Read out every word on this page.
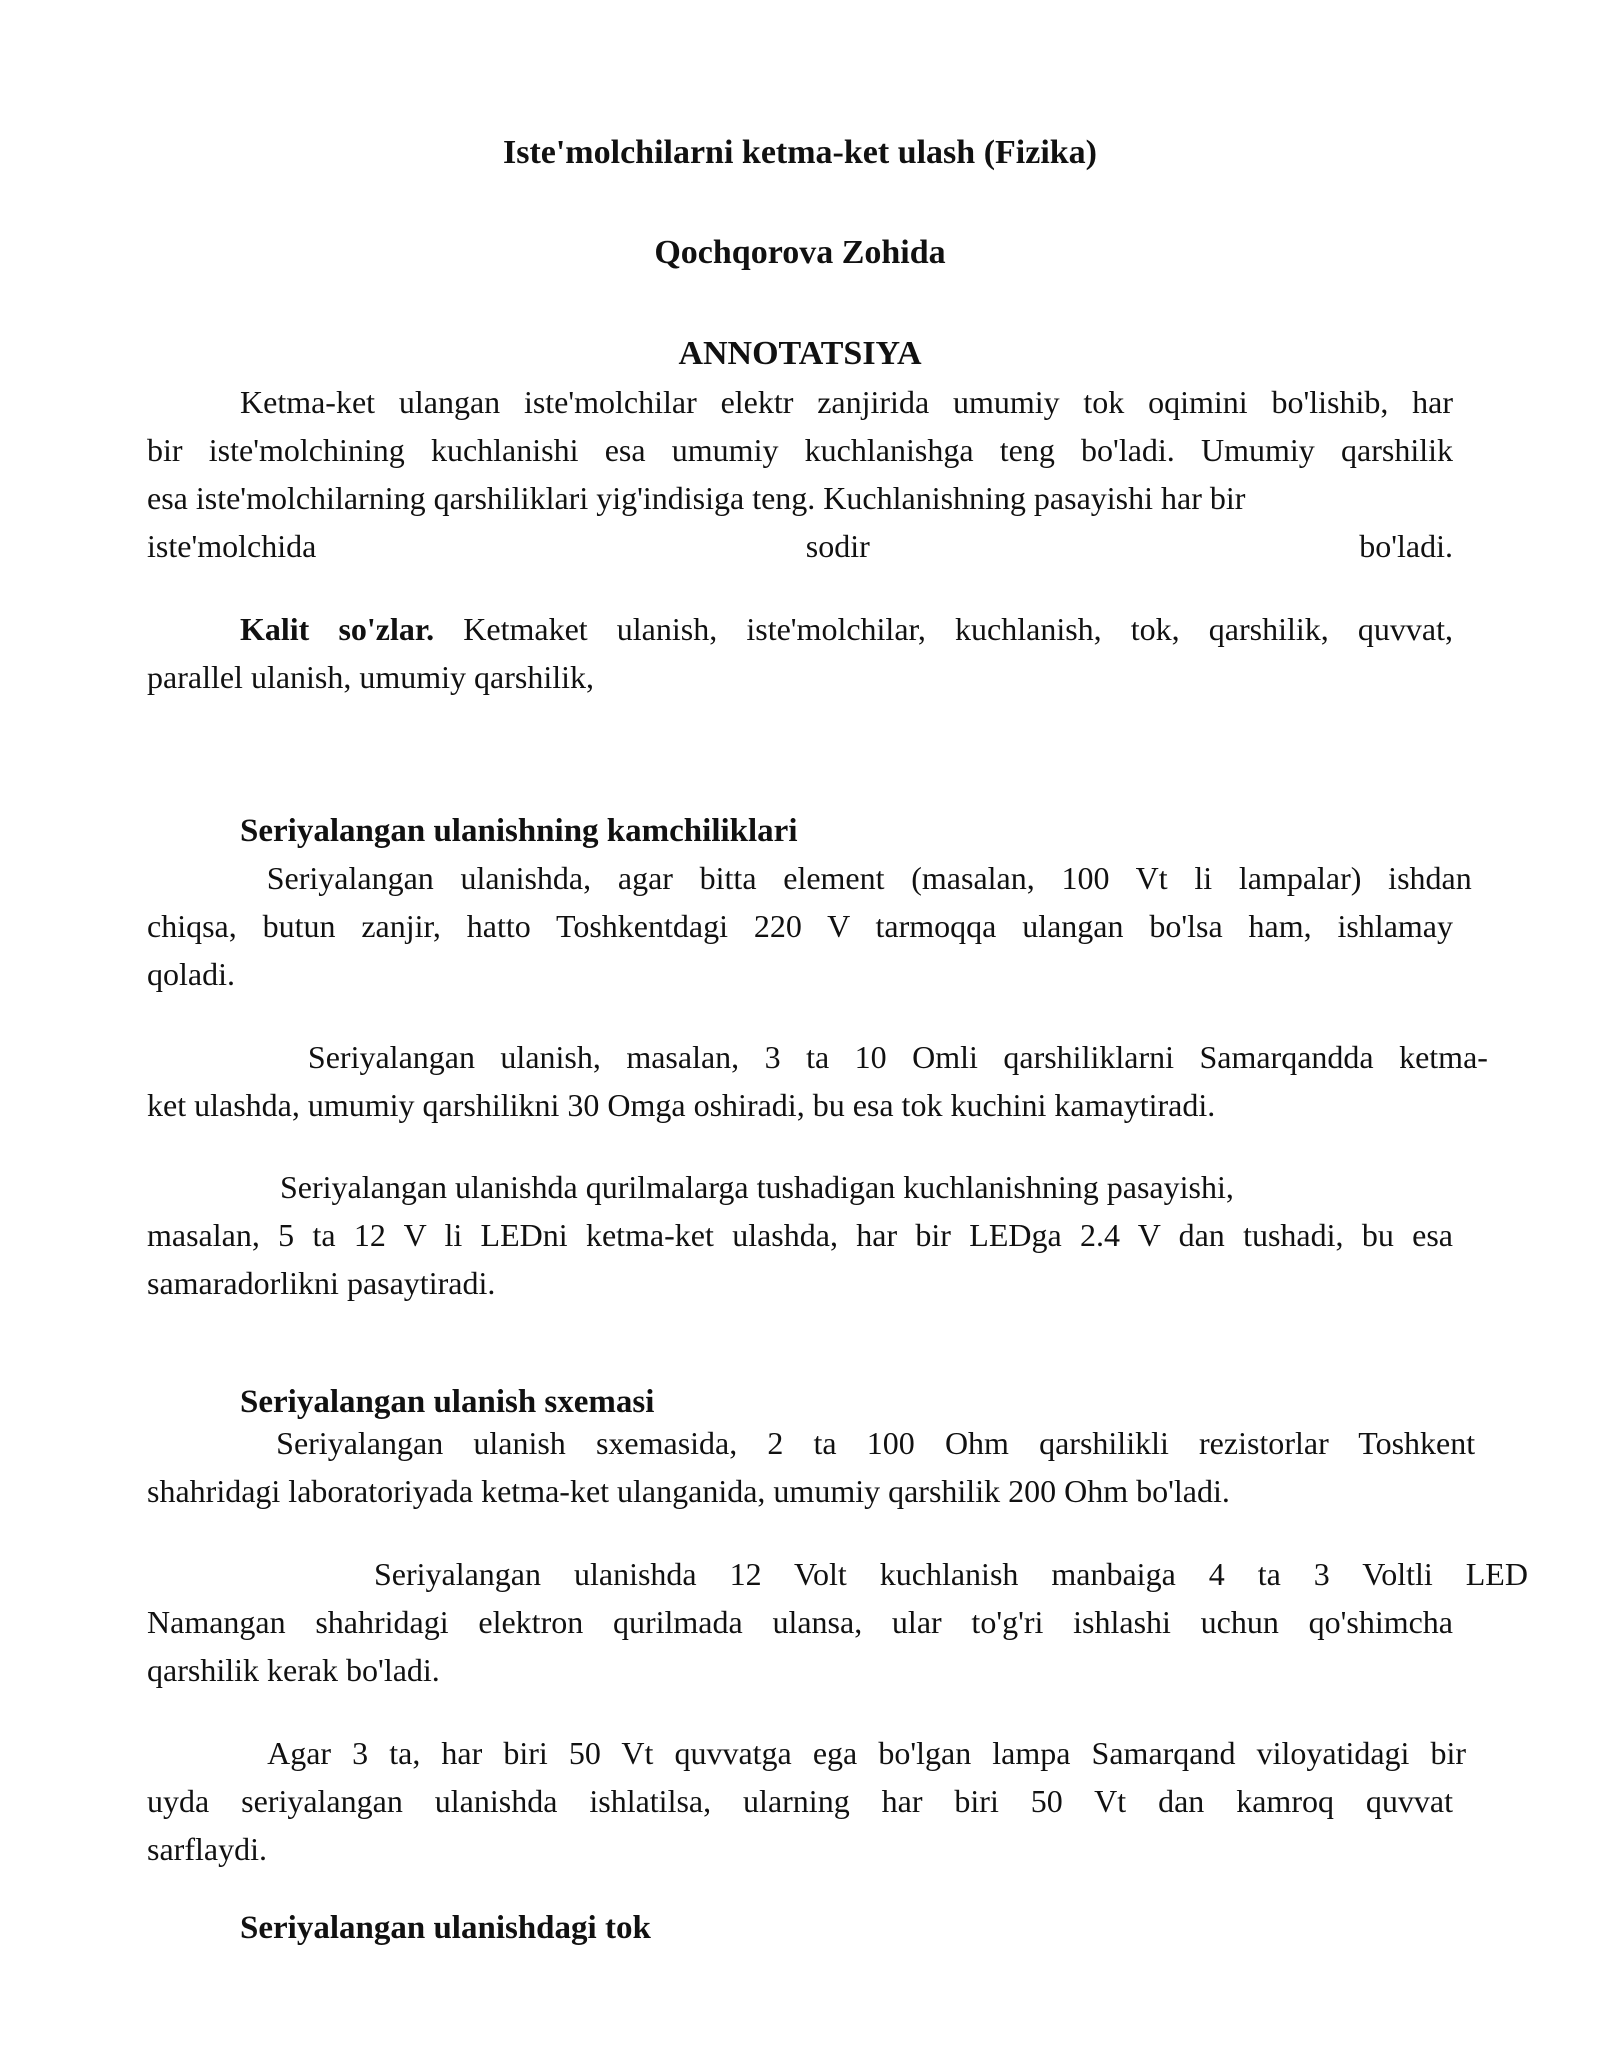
Iste'molchilarni ketma-ket ulash (Fizika)
Qochqorova Zohida
ANNOTATSIYA
Ketma-ket ulangan iste'molchilar elektr zanjirida umumiy tok oqimini bo'lishib, har
bir iste'molchining kuchlanishi esa umumiy kuchlanishga teng bo'ladi. Umumiy qarshilik
esa iste'molchilarning qarshiliklari yig'indisiga teng. Kuchlanishning pasayishi har bir
iste'molchida	sodir	bo'ladi.
Kalit so'zlar. Ketmaket ulanish, iste'molchilar, kuchlanish, tok, qarshilik, quvvat,
parallel ulanish, umumiy qarshilik,
Seriyalangan ulanishning kamchiliklari
Seriyalangan ulanishda, agar bitta element (masalan, 100 Vt li lampalar) ishdan
chiqsa, butun zanjir, hatto Toshkentdagi 220 V tarmoqqa ulangan bo'lsa ham, ishlamay
qoladi.
Seriyalangan ulanish, masalan, 3 ta 10 Omli qarshiliklarni Samarqandda ketma-
ket ulashda, umumiy qarshilikni 30 Omga oshiradi, bu esa tok kuchini kamaytiradi.
Seriyalangan ulanishda qurilmalarga tushadigan kuchlanishning pasayishi,
masalan, 5 ta 12 V li LEDni ketma-ket ulashda, har bir LEDga 2.4 V dan tushadi, bu esa
samaradorlikni pasaytiradi.
Seriyalangan ulanish sxemasi
Seriyalangan ulanish sxemasida, 2 ta 100 Ohm qarshilikli rezistorlar Toshkent
shahridagi laboratoriyada ketma-ket ulanganida, umumiy qarshilik 200 Ohm bo'ladi.
Seriyalangan ulanishda 12 Volt kuchlanish manbaiga 4 ta 3 Voltli LED
Namangan shahridagi elektron qurilmada ulansa, ular to'g'ri ishlashi uchun qo'shimcha
qarshilik kerak bo'ladi.
Agar 3 ta, har biri 50 Vt quvvatga ega bo'lgan lampa Samarqand viloyatidagi bir
uyda seriyalangan ulanishda ishlatilsa, ularning har biri 50 Vt dan kamroq quvvat
sarflaydi.
Seriyalangan ulanishdagi tok
